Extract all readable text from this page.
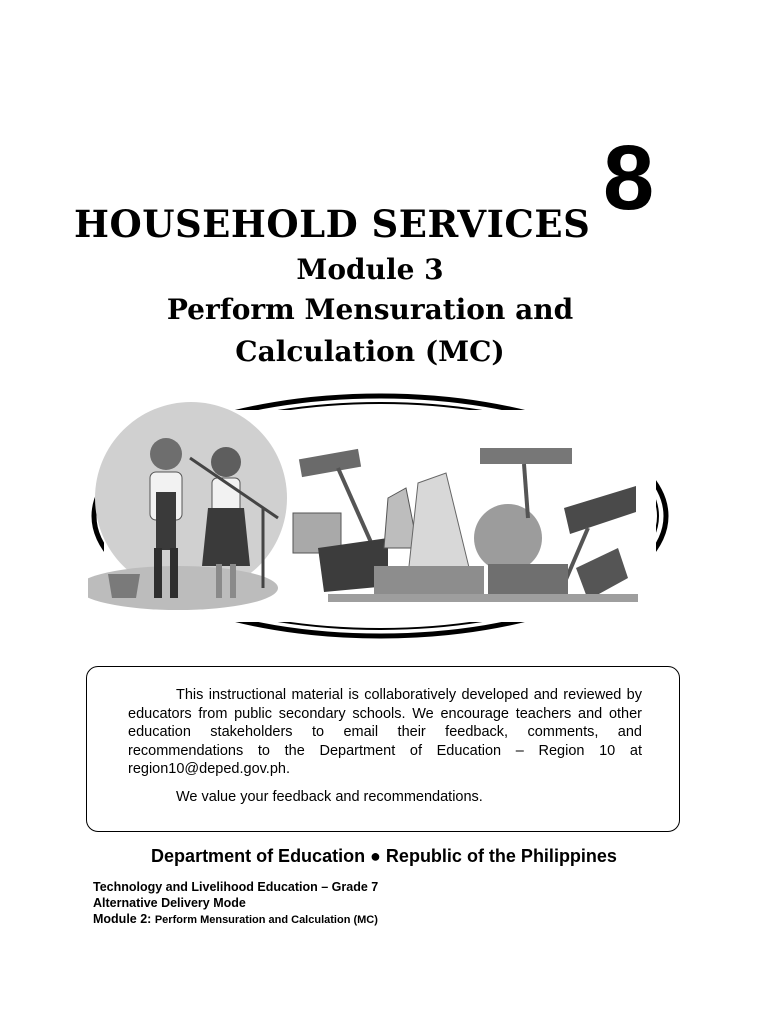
8
HOUSEHOLD SERVICES
Module 3
Perform Mensuration and
Calculation (MC)

This instructional material is collaboratively developed and reviewed by educators from public secondary schools. We encourage teachers and other education stakeholders to email their feedback, comments, and recommendations to the Department of Education – Region 10 at region10@deped.gov.ph.

We value your feedback and recommendations.

Department of Education ● Republic of the Philippines
Technology and Livelihood Education – Grade 7
Alternative Delivery Mode
Module 2: Perform Mensuration and Calculation (MC)
